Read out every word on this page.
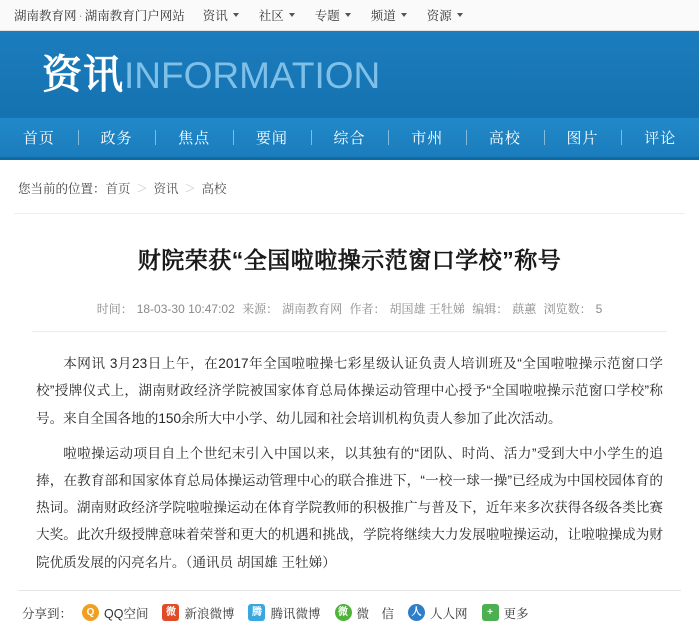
湖南教育网 · 湖南教育门户网站 资讯 社区 专题 频道 资源
资讯INFORMATION
首页	政务	焦点	要闻	综合	市州	高校	图片	评论
您当前的位置： 首页 ＞ 资讯 ＞ 高校
财院荣获“全国啦啦操示范窗口学校”称号
时间： 18-03-30 10:47:02 来源： 湖南教育网 作者： 胡国雄 王牡娣 编辑： 蕻蕙 浏览数： 5

本网讯 3月23日上午，在2017年全国啦啦操七彩星级认证负责人培训班及“全国啦啦操示范窗口学校”授牌仪式上，湖南财政经济学院被国家体育总局体操运动管理中心授予“全国啦啦操示范窗口学校”称号。来自全国各地的150余所大中小学、幼儿园和社会培训机构负责人参加了此次活动。

啦啦操运动项目自上个世纪末引入中国以来，以其独有的“团队、时尚、活力”受到大中小学生的追捧，在教育部和国家体育总局体操运动管理中心的联合推进下，“一校一球一操”已经成为中国校园体育的热词。湖南财政经济学院啦啦操运动在体育学院教师的积极推广与普及下，近年来多次获得各级各类比赛大奖。此次升级授牌意味着荣誉和更大的机遇和挑战，学院将继续大力发展啦啦操运动，让啦啦操成为财院优质发展的闪亮名片。（通讯员 胡国雄 王牡娣）

分享到：	Q QQ空间	微 新浪微博	腾 腾讯微博	微 微　信	人 人人网	+ 更多
